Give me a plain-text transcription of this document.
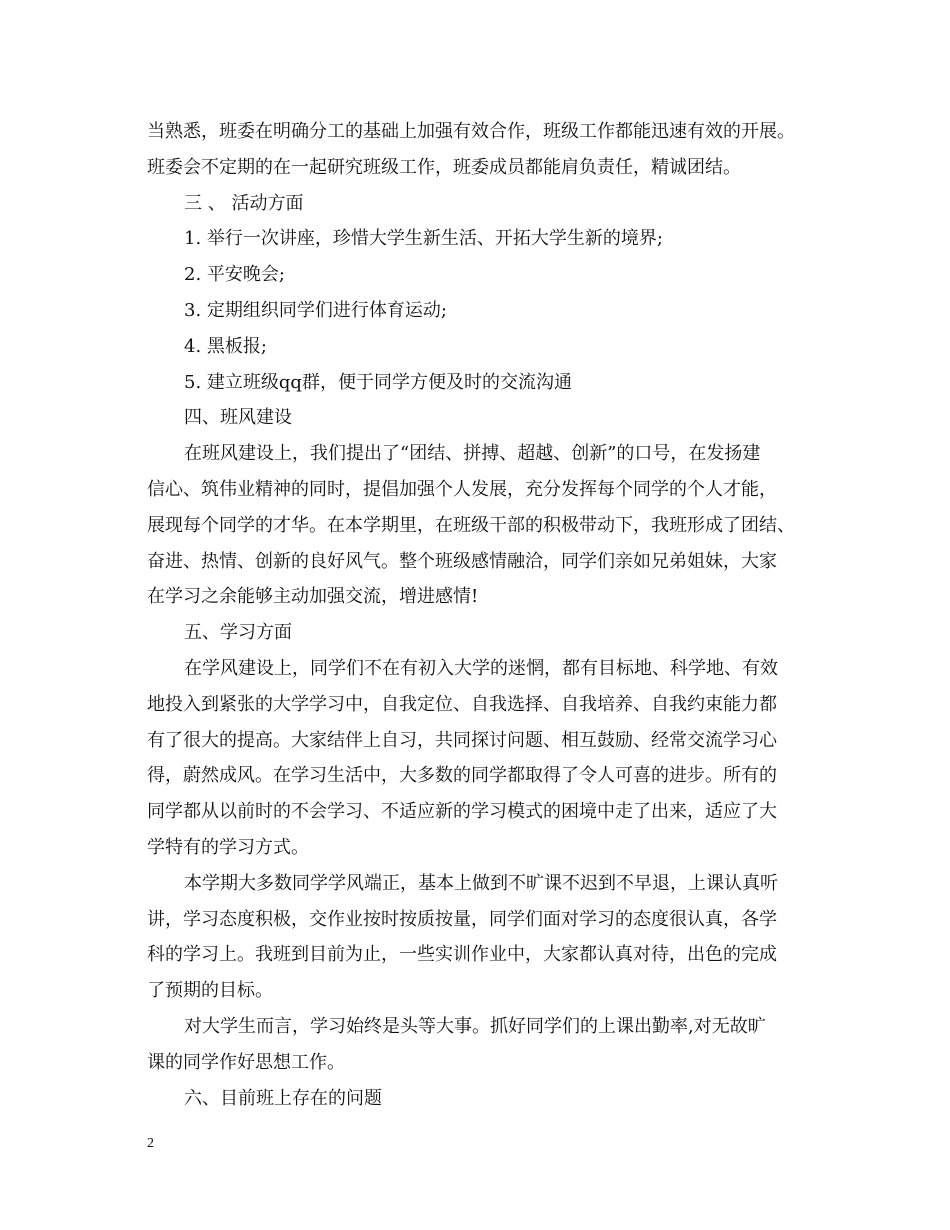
当熟悉，班委在明确分工的基础上加强有效合作，班级工作都能迅速有效的开展。
班委会不定期的在一起研究班级工作，班委成员都能肩负责任，精诚团结。
三 、 活动方面
1. 举行一次讲座，珍惜大学生新生活、开拓大学生新的境界;
2. 平安晚会;
3. 定期组织同学们进行体育运动;
4. 黑板报;
5. 建立班级qq群，便于同学方便及时的交流沟通
四、班风建设
在班风建设上，我们提出了“团结、拼搏、超越、创新”的口号，在发扬建
信心、筑伟业精神的同时，提倡加强个人发展，充分发挥每个同学的个人才能，
展现每个同学的才华。在本学期里，在班级干部的积极带动下，我班形成了团结、
奋进、热情、创新的良好风气。整个班级感情融洽，同学们亲如兄弟姐妹，大家
在学习之余能够主动加强交流，增进感情!
五、学习方面
在学风建设上，同学们不在有初入大学的迷惘，都有目标地、科学地、有效
地投入到紧张的大学学习中，自我定位、自我选择、自我培养、自我约束能力都
有了很大的提高。大家结伴上自习，共同探讨问题、相互鼓励、经常交流学习心
得，蔚然成风。在学习生活中，大多数的同学都取得了令人可喜的进步。所有的
同学都从以前时的不会学习、不适应新的学习模式的困境中走了出来，适应了大
学特有的学习方式。
本学期大多数同学学风端正，基本上做到不旷课不迟到不早退，上课认真听
讲，学习态度积极，交作业按时按质按量，同学们面对学习的态度很认真，各学
科的学习上。我班到目前为止，一些实训作业中，大家都认真对待，出色的完成
了预期的目标。
对大学生而言，学习始终是头等大事。抓好同学们的上课出勤率,对无故旷
课的同学作好思想工作。
六、目前班上存在的问题
2
